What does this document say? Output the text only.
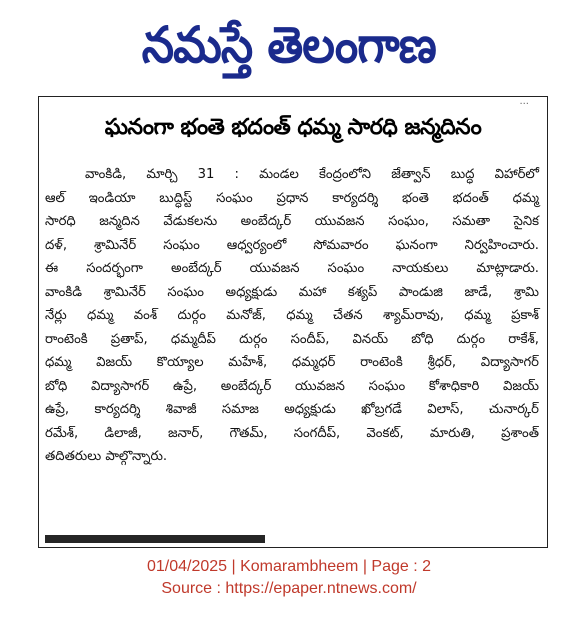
నమస్తే తెలంగాణ
...
ఘనంగా భంతె భదంత్ ధమ్మ సారధి జన్మదినం
వాంకిడి, మార్చి 31 : మండల కేంద్రంలోని జేత్వాన్ బుద్ధ విహార్‌లో
ఆల్ ఇండియా బుద్ధిస్ట్ సంఘం ప్రధాన కార్యదర్శి భంతె భదంత్ ధమ్మ
సారధి జన్మదిన వేడుకలను అంబేద్కర్ యువజన సంఘం, సమతా సైనిక
దళ్, శ్రామినేర్ సంఘం ఆధ్వర్యంలో సోమవారం ఘనంగా నిర్వహించారు.
ఈ సందర్భంగా అంబేద్కర్ యువజన సంఘం నాయకులు మాట్లాడారు.
వాంకిడి శ్రామినేర్ సంఘం అధ్యక్షుడు మహా కశ్యప్ పాండుజి జాడే, శ్రామి
నేర్లు ధమ్మ వంశ్ దుర్గం మనోజ్, ధమ్మ చేతన శ్యామ్‌రావు, ధమ్మ ప్రకాశ్
రాంటెంకి ప్రతాప్, ధమ్మదీప్ దుర్గం సందీప్, వినయ్ బోధి దుర్గం రాకేశ్,
ధమ్మ విజయ్ కొయ్యాల మహేశ్, ధమ్మధర్ రాంటెంకి శ్రీధర్, విద్యాసాగర్
బోధి విద్యాసాగర్ ఉప్రే, అంబేద్కర్ యువజన సంఘం కోశాధికారి విజయ్
ఉప్రే, కార్యదర్శి శివాజీ సమాజ అధ్యక్షుడు ఖోబ్రగడే విలాస్, చునార్కర్
రమేశ్, డిలాజీ, జనార్, గౌతమ్, సంగదీప్, వెంకట్, మారుతి, ప్రశాంత్
తదితరులు పాల్గొన్నారు.
01/04/2025 | Komarambheem | Page : 2
Source : https://epaper.ntnews.com/
